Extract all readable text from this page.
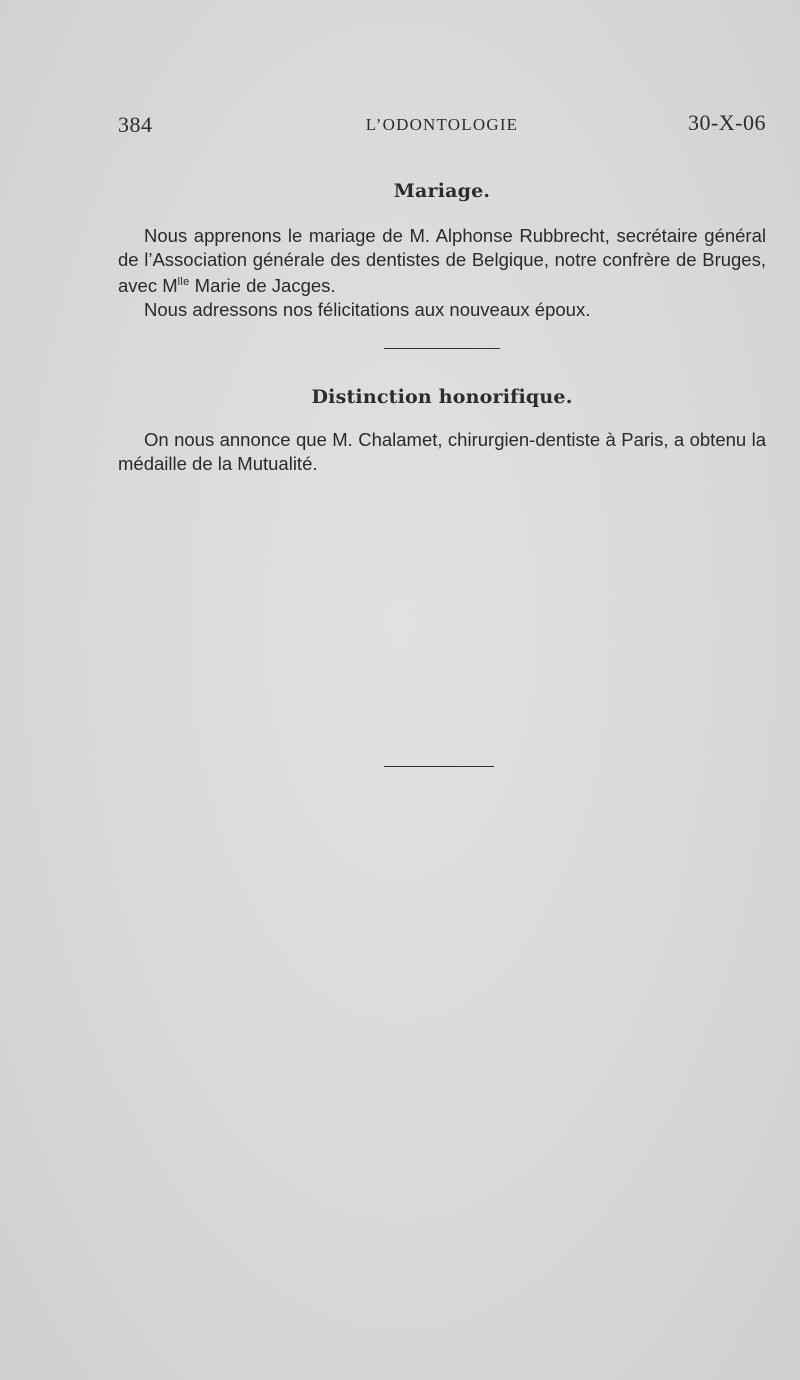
384	L’ODONTOLOGIE	30-X-06
Mariage.

Nous apprenons le mariage de M. Alphonse Rubbrecht, secrétaire général de l’Association générale des dentistes de Belgique, notre confrère de Bruges, avec $M^{lle}$ Marie de Jacges.

Nous adressons nos félicitations aux nouveaux époux.

Distinction honorifique.

On nous annonce que M. Chalamet, chirurgien-dentiste à Paris, a obtenu la médaille de la Mutualité.
